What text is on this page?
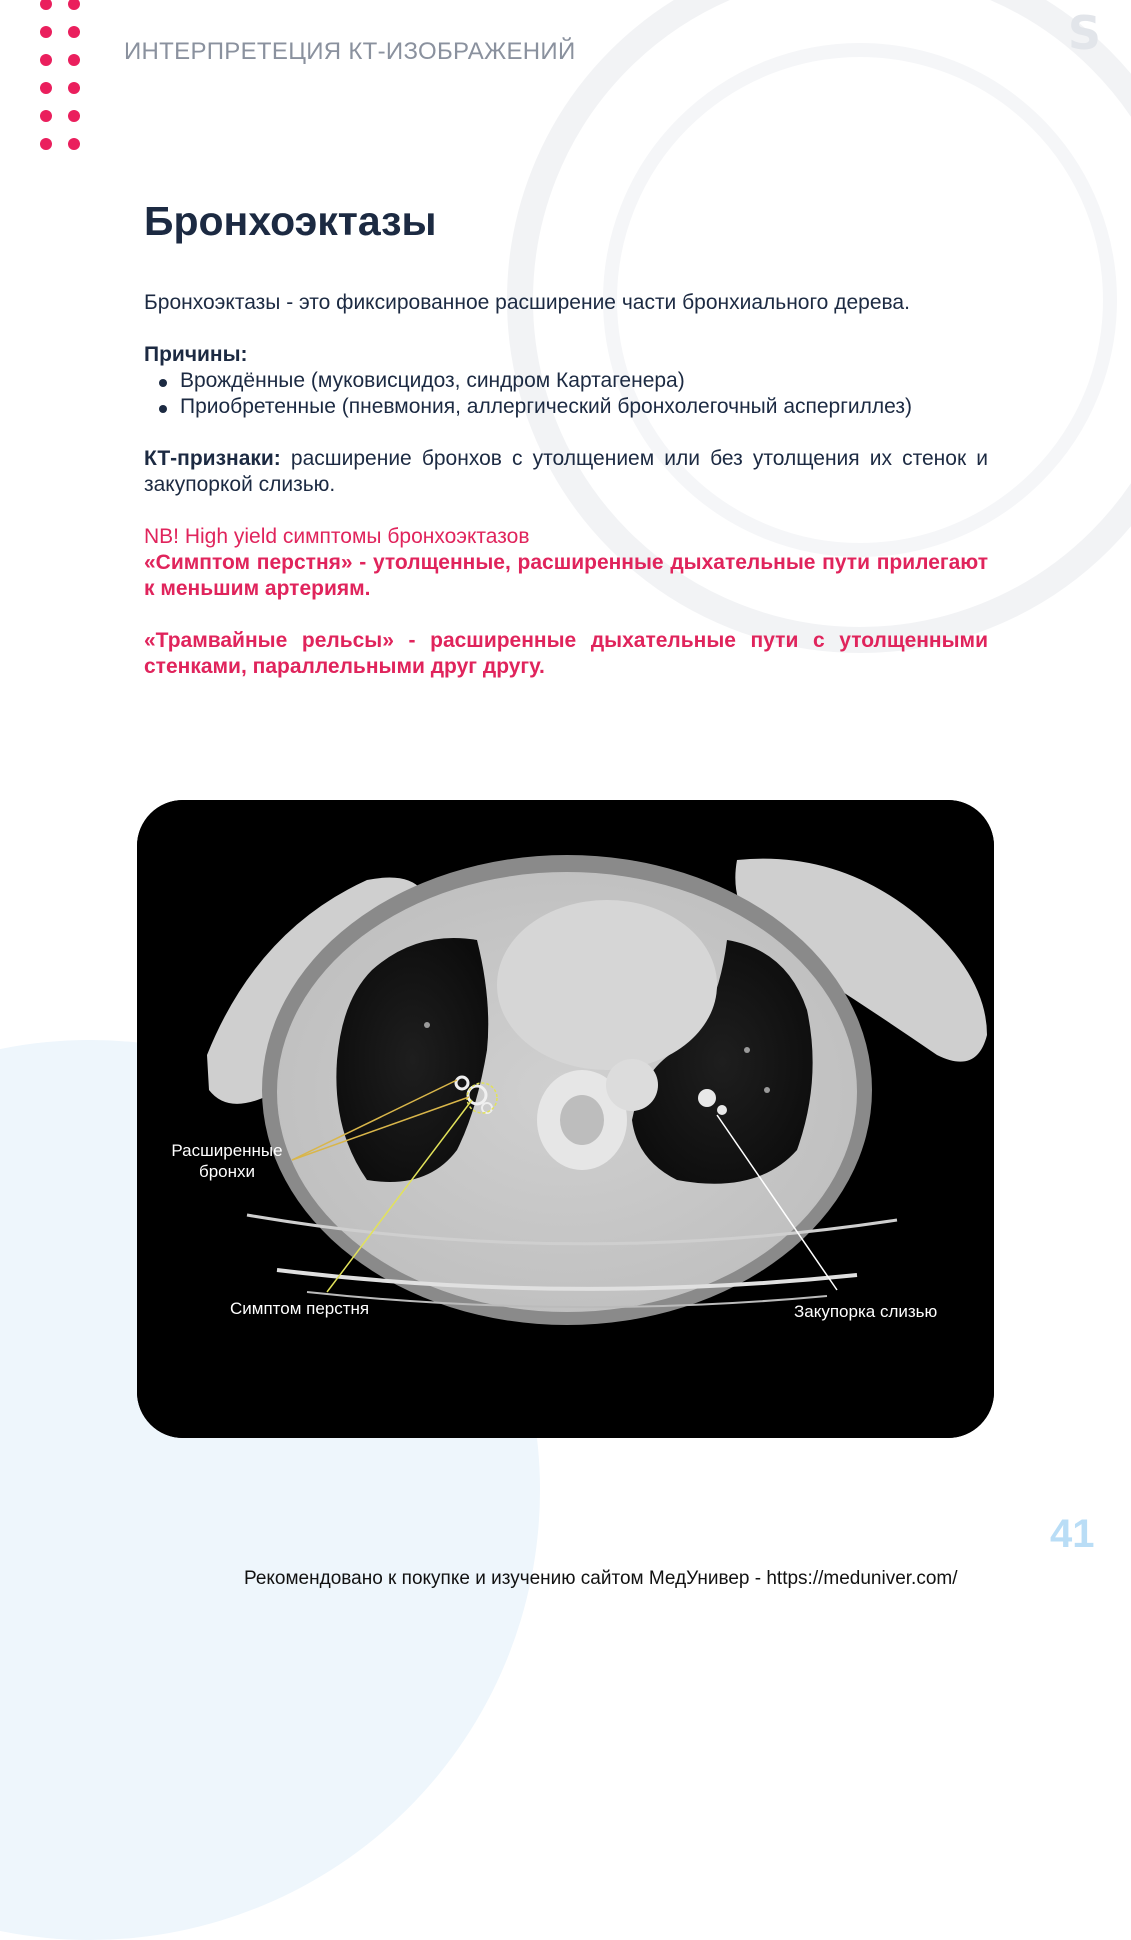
ИНТЕРПРЕТЕЦИЯ КТ-ИЗОБРАЖЕНИЙ	S
Бронхоэктазы

Бронхоэктазы - это фиксированное расширение части бронхиального дерева.

Причины:

Врождённые (муковисцидоз, синдром Картагенера)
Приобретенные (пневмония, аллергический бронхолегочный аспергиллез)

КТ-признаки: расширение бронхов с утолщением или без утолщения их стенок и закупоркой слизью.

NB! High yield симптомы бронхоэктазов

«Симптом перстня» - утолщенные, расширенные дыхательные пути прилегают к меньшим артериям.

«Трамвайные рельсы» - расширенные дыхательные пути с утолщенными стенками, параллельными друг другу.

Расширенные
бронхи
Симптом перстня	Закупорка слизью
41
Рекомендовано к покупке и изучению сайтом МедУнивер - https://meduniver.com/
